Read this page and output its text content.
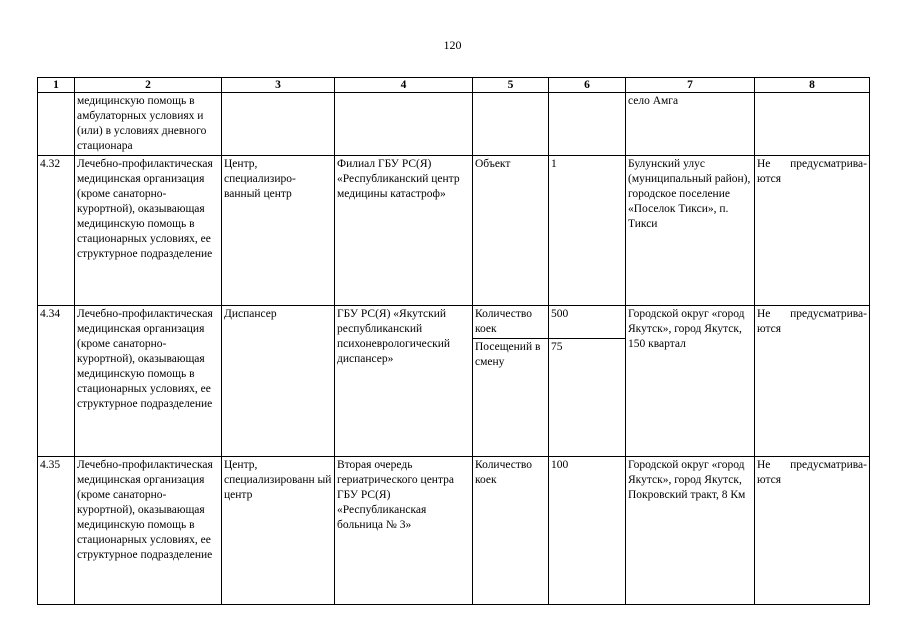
120
1	2	3	4	5	6	7	8
	медицинскую помощь в амбулаторных условиях и (или) в условиях дневного стационара					село Амга	
4.32	Лечебно-профилактическая медицинская организация (кроме санаторно-курортной), оказывающая медицинскую помощь в стационарных условиях, ее структурное подразделение	Центр, специализиро-ванный центр	Филиал ГБУ РС(Я) «Республиканский центр медицины катастроф»	Объект	1	Булунский улус (муниципальный район), городское поселение «Поселок Тикси», п. Тикси	Не предусматрива-ются
4.34	Лечебно-профилактическая медицинская организация (кроме санаторно-курортной), оказывающая медицинскую помощь в стационарных условиях, ее структурное подразделение	Диспансер	ГБУ РС(Я) «Якутский республиканский психоневрологический диспансер»	Количество коек	500	Городской округ «город Якутск», город Якутск, 150 квартал	Не предусматрива-ются
				Посещений в смену	75		
4.35	Лечебно-профилактическая медицинская организация (кроме санаторно-курортной), оказывающая медицинскую помощь в стационарных условиях, ее структурное подразделение	Центр, специализированн ый центр	Вторая очередь гериатрического центра ГБУ РС(Я) «Республиканская больница № 3»	Количество коек	100	Городской округ «город Якутск», город Якутск, Покровский тракт, 8 Км	Не предусматрива-ются
